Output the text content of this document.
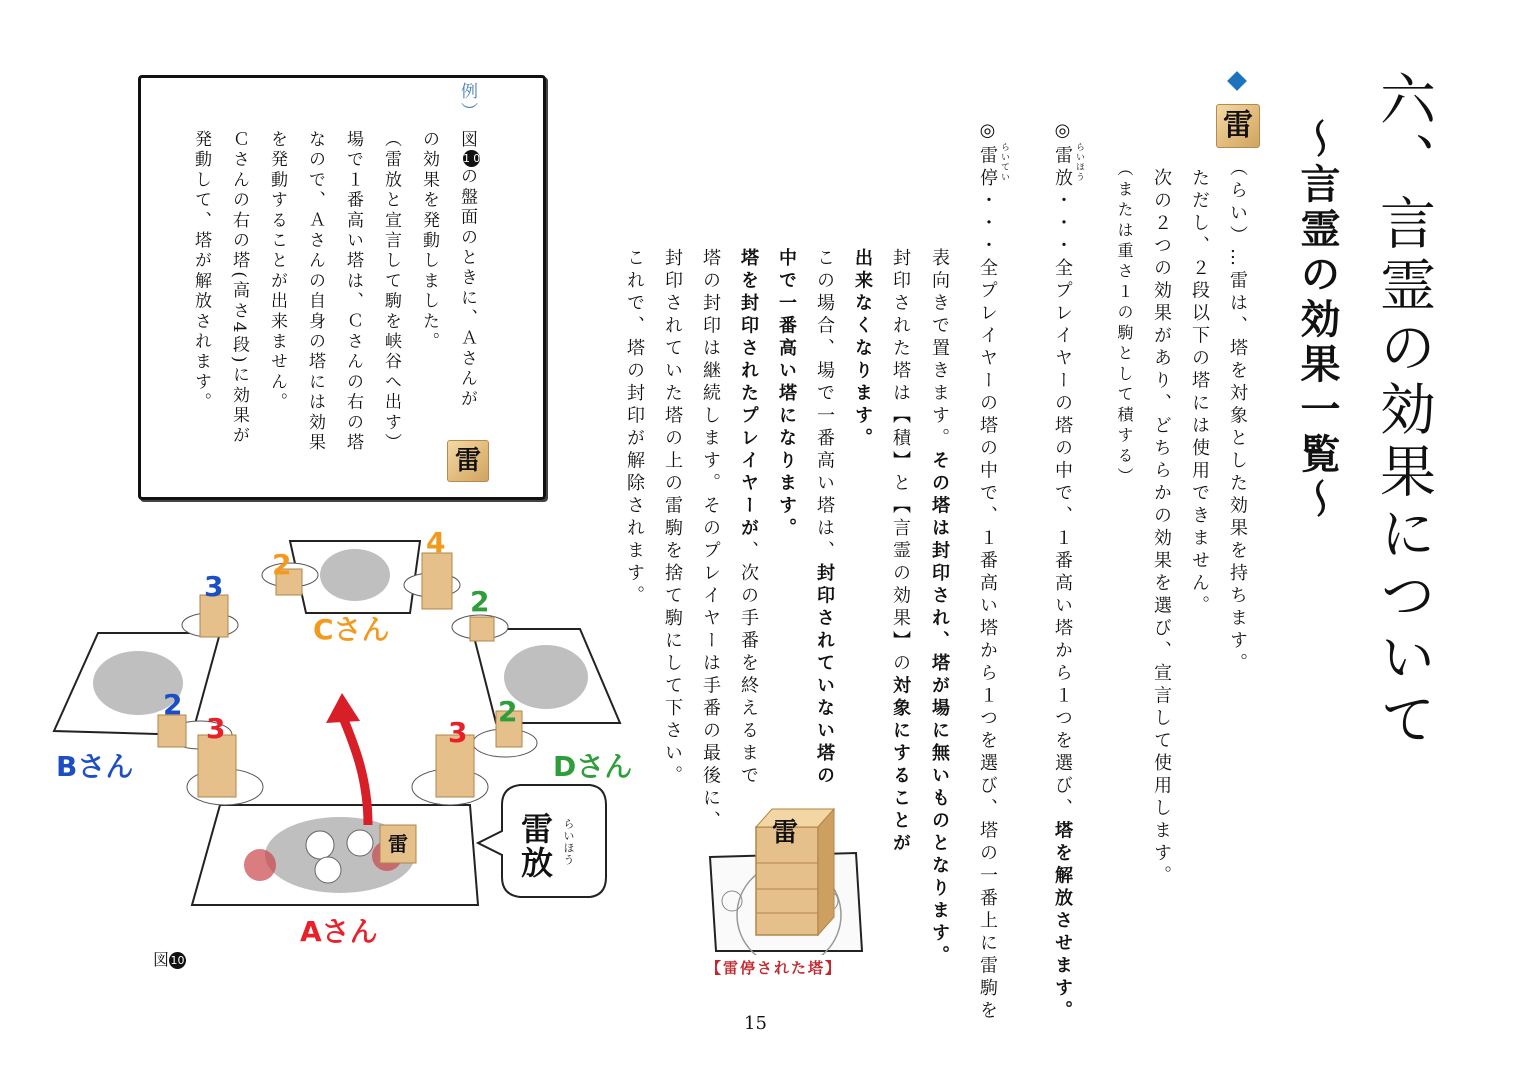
六、言霊の効果について
～言霊の効果一覧～
雷
（らい）…雷は、塔を対象とした効果を持ちます。
ただし、２段以下の塔には使用できません。
次の２つの効果があり、どちらかの効果を選び、宣言して使用します。
（または重さ１の駒として積する）
らいほう
◎雷放・・・全プレイヤーの塔の中で、１番高い塔から１つを選び、塔を解放させます。
らいてい
◎雷停・・・全プレイヤーの塔の中で、１番高い塔から１つを選び、塔の一番上に雷駒を
表向きで置きます。その塔は封印され、塔が場に無いものとなります。
封印された塔は【積】と【言霊の効果】の対象にすることが
出来なくなります。
この場合、場で一番高い塔は、封印されていない塔の
中で一番高い塔になります。
塔を封印されたプレイヤーが、次の手番を終えるまで
塔の封印は継続します。そのプレイヤーは手番の最後に、
封印されていた塔の上の雷駒を捨て駒にして下さい。
これで、塔の封印が解除されます。
雷
【雷停された塔】
例）
図10の盤面のときに、Ａさんが
雷
の効果を発動しました。
（雷放と宣言して駒を峡谷へ出す）
場で１番高い塔は、Ｃさんの右の塔
なので、Ａさんの自身の塔には効果
を発動することが出来ません。
Ｃさんの右の塔(高さ4段)に効果が
発動して、塔が解放されます。
雷	雷放 らいほう
Aさん
Bさん
Cさん
Dさん
2
4
3
2
3
2
2
3
図 10
15
